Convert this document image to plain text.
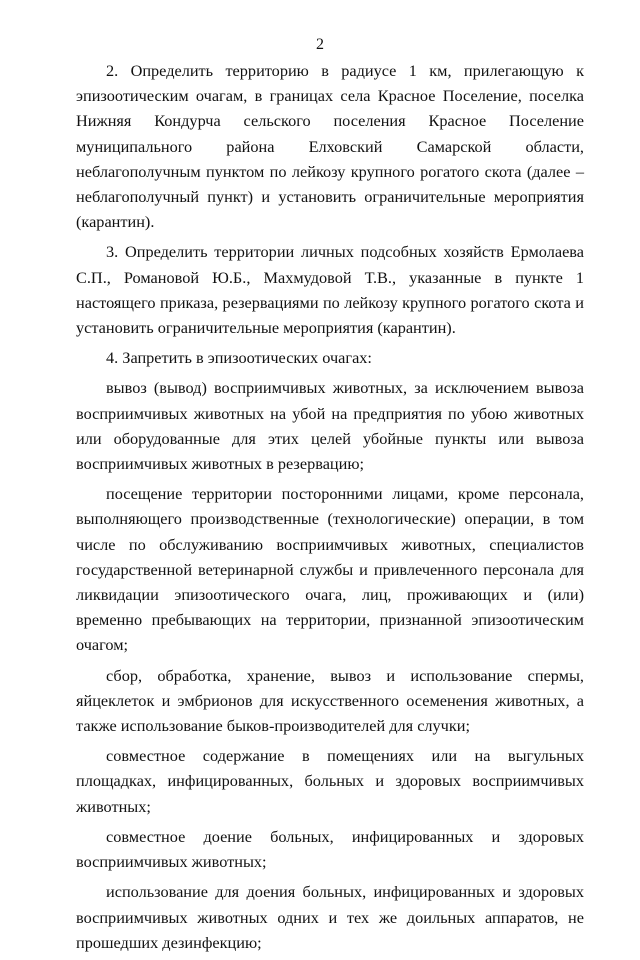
2

2. Определить территорию в радиусе 1 км, прилегающую к эпизоотическим очагам, в границах села Красное Поселение, поселка Нижняя Кондурча сельского поселения Красное Поселение муниципального района Елховский Самарской области, неблагополучным пунктом по лейкозу крупного рогатого скота (далее – неблагополучный пункт) и установить ограничительные мероприятия (карантин).

3. Определить территории личных подсобных хозяйств Ермолаева С.П., Романовой Ю.Б., Махмудовой Т.В., указанные в пункте 1 настоящего приказа, резервациями по лейкозу крупного рогатого скота и установить ограничительные мероприятия (карантин).

4. Запретить в эпизоотических очагах:

вывоз (вывод) восприимчивых животных, за исключением вывоза восприимчивых животных на убой на предприятия по убою животных или оборудованные для этих целей убойные пункты или вывоза восприимчивых животных в резервацию;

посещение территории посторонними лицами, кроме персонала, выполняющего производственные (технологические) операции, в том числе по обслуживанию восприимчивых животных, специалистов государственной ветеринарной службы и привлеченного персонала для ликвидации эпизоотического очага, лиц, проживающих и (или) временно пребывающих на территории, признанной эпизоотическим очагом;

сбор, обработка, хранение, вывоз и использование спермы, яйцеклеток и эмбрионов для искусственного осеменения животных, а также использование быков-производителей для случки;

совместное содержание в помещениях или на выгульных площадках, инфицированных, больных и здоровых восприимчивых животных;

совместное доение больных, инфицированных и здоровых восприимчивых животных;

использование для доения больных, инфицированных и здоровых восприимчивых животных одних и тех же доильных аппаратов, не прошедших дезинфекцию;
